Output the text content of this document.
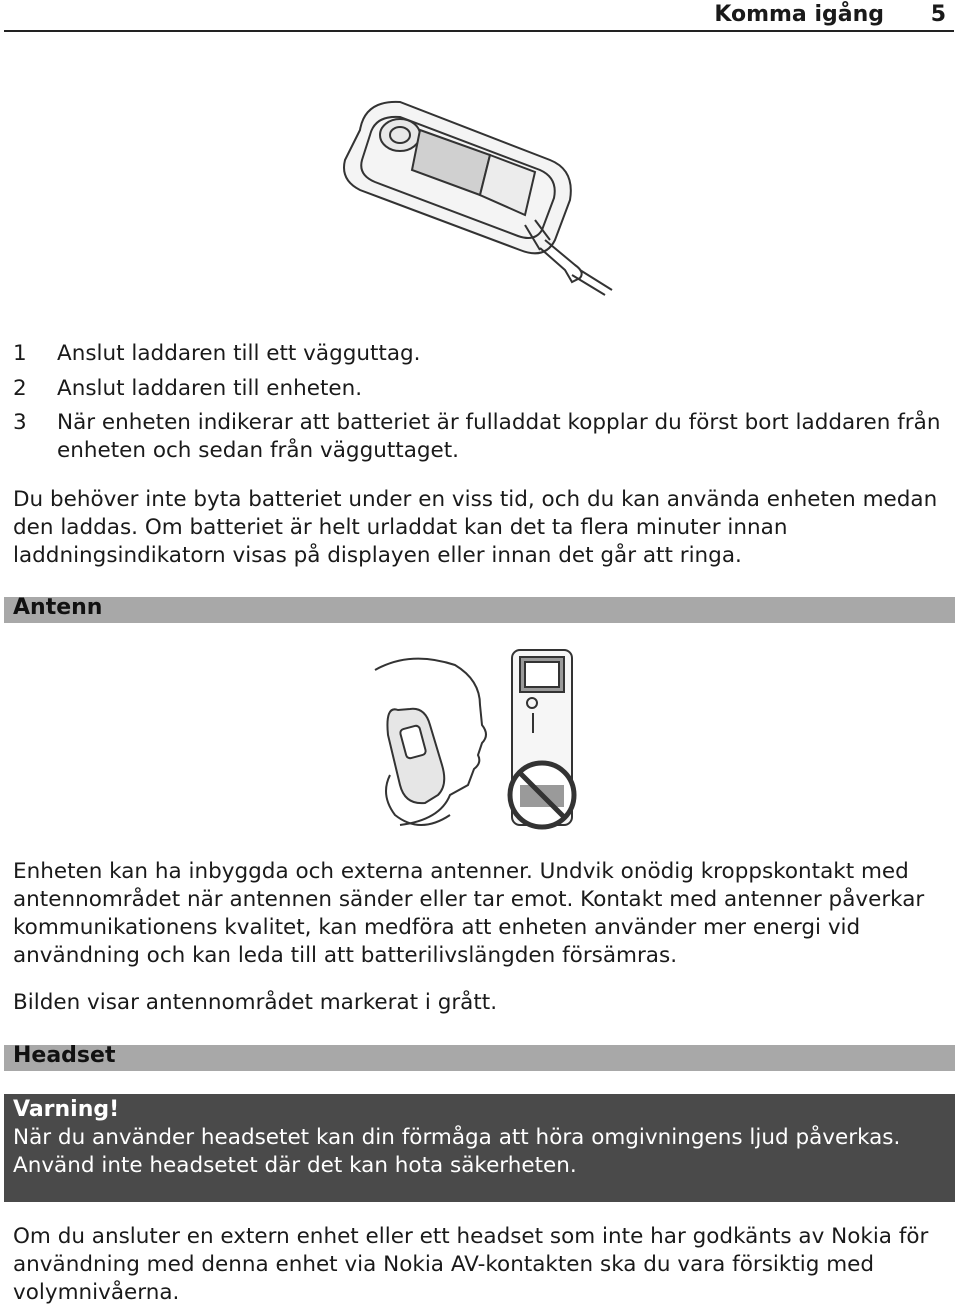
Komma igång 5
1 Anslut laddaren till ett vägguttag.
2 Anslut laddaren till enheten.
3 När enheten indikerar att batteriet är fulladdat kopplar du först bort laddaren från enheten och sedan från vägguttaget.
Du behöver inte byta batteriet under en viss tid, och du kan använda enheten medan den laddas. Om batteriet är helt urladdat kan det ta flera minuter innan laddningsindikatorn visas på displayen eller innan det går att ringa.
Antenn
Enheten kan ha inbyggda och externa antenner. Undvik onödig kroppskontakt med antennområdet när antennen sänder eller tar emot. Kontakt med antenner påverkar kommunikationens kvalitet, kan medföra att enheten använder mer energi vid användning och kan leda till att batterilivslängden försämras.
Bilden visar antennområdet markerat i grått.
Headset
Varning!
När du använder headsetet kan din förmåga att höra omgivningens ljud påverkas.
Använd inte headsetet där det kan hota säkerheten.
Om du ansluter en extern enhet eller ett headset som inte har godkänts av Nokia för användning med denna enhet via Nokia AV-kontakten ska du vara försiktig med volymnivåerna.
